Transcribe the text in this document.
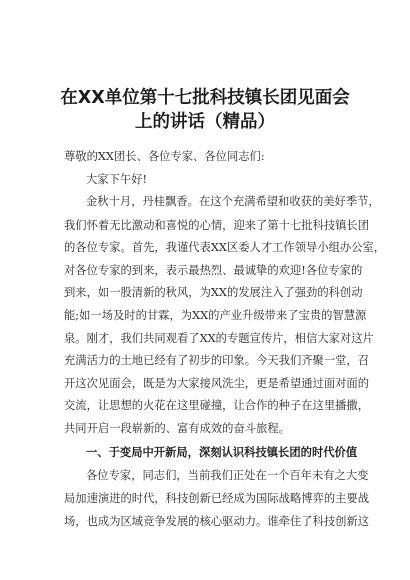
在XX单位第十七批科技镇长团见面会
上的讲话（精品）
尊敬的XX团长、各位专家、各位同志们:
大家下午好!
金秋十月，丹桂飘香。在这个充满希望和收获的美好季节，
我们怀着无比激动和喜悦的心情，迎来了第十七批科技镇长团
的各位专家。首先，我谨代表XX区委人才工作领导小组办公室，
对各位专家的到来，表示最热烈、最诚挚的欢迎!各位专家的
到来，如一股清新的秋风，为XX的发展注入了强劲的科创动
能;如一场及时的甘霖，为XX的产业升级带来了宝贵的智慧源
泉。刚才，我们共同观看了XX的专题宣传片，相信大家对这片
充满活力的土地已经有了初步的印象。今天我们齐聚一堂，召
开这次见面会，既是为大家接风洗尘，更是希望通过面对面的
交流，让思想的火花在这里碰撞，让合作的种子在这里播撒，
共同开启一段崭新的、富有成效的奋斗旅程。
一、于变局中开新局，深刻认识科技镇长团的时代价值
各位专家，同志们，当前我们正处在一个百年未有之大变
局加速演进的时代，科技创新已经成为国际战略博弈的主要战
场，也成为区域竞争发展的核心驱动力。谁牵住了科技创新这
